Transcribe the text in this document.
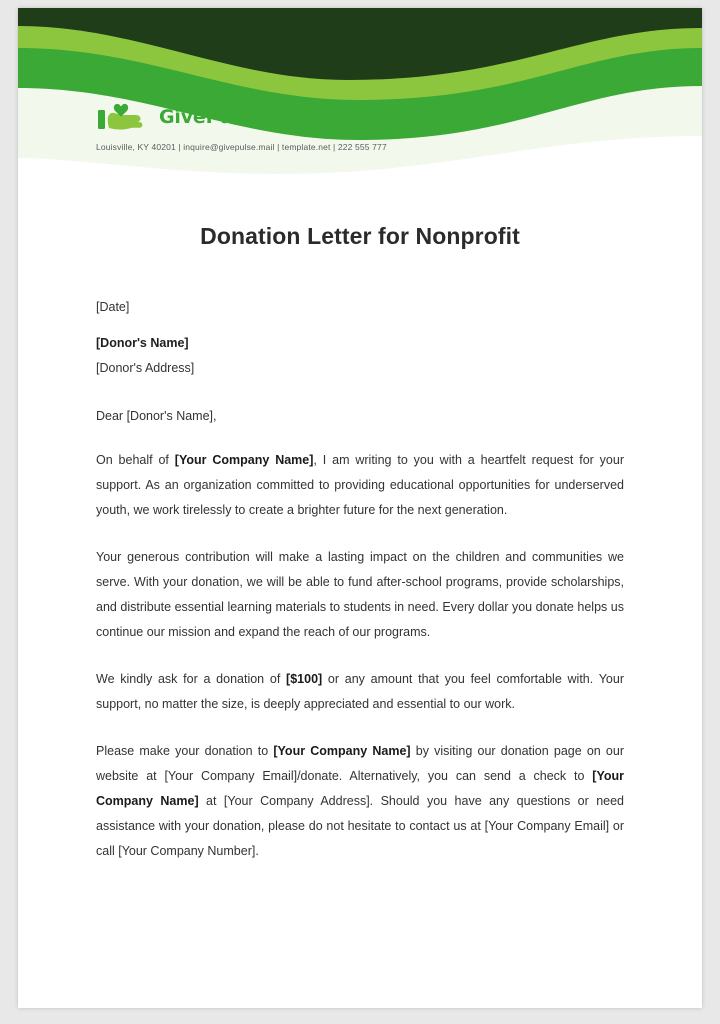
GivePulse
Louisville, KY 40201 | inquire@givepulse.mail | template.net | 222 555 777
Donation Letter for Nonprofit
[Date]
[Donor's Name]
[Donor's Address]
Dear [Donor's Name],

On behalf of [Your Company Name], I am writing to you with a heartfelt request for your support. As an organization committed to providing educational opportunities for underserved youth, we work tirelessly to create a brighter future for the next generation.

Your generous contribution will make a lasting impact on the children and communities we serve. With your donation, we will be able to fund after-school programs, provide scholarships, and distribute essential learning materials to students in need. Every dollar you donate helps us continue our mission and expand the reach of our programs.

We kindly ask for a donation of [$100] or any amount that you feel comfortable with. Your support, no matter the size, is deeply appreciated and essential to our work.

Please make your donation to [Your Company Name] by visiting our donation page on our website at [Your Company Email]/donate. Alternatively, you can send a check to [Your Company Name] at [Your Company Address]. Should you have any questions or need assistance with your donation, please do not hesitate to contact us at [Your Company Email] or call [Your Company Number].
